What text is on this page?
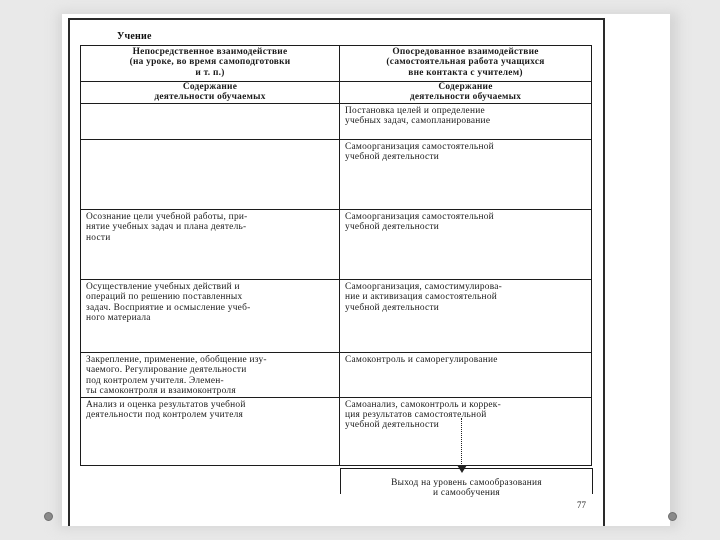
Учение
Непосредственное взаимодействие
(на уроке, во время самоподготовки
и т. п.)	Опосредованное взаимодействие
(самостоятельная работа учащихся
вне контакта с учителем)
Содержание
деятельности обучаемых	Содержание
деятельности обучаемых
	Постановка целей и определение
учебных задач, самопланирование
	Самоорганизация самостоятельной
учебной деятельности
Осознание цели учебной работы, при-
нятие учебных задач и плана деятель-
ности	Самоорганизация самостоятельной
учебной деятельности
Осуществление учебных действий и
операций по решению поставленных
задач. Восприятие и осмысление учеб-
ного материала	Самоорганизация, самостимулирова-
ние и активизация самостоятельной
учебной деятельности
Закрепление, применение, обобщение изу-
чаемого. Регулирование деятельности
под контролем учителя. Элемен-
ты самоконтроля и взаимоконтроля	Самоконтроль и саморегулирование
Анализ и оценка результатов учебной
деятельности под контролем учителя	Самоанализ, самоконтроль и коррек-
ция результатов самостоятельной
учебной деятельности
Выход на уровень самообразования
и самообучения
77
